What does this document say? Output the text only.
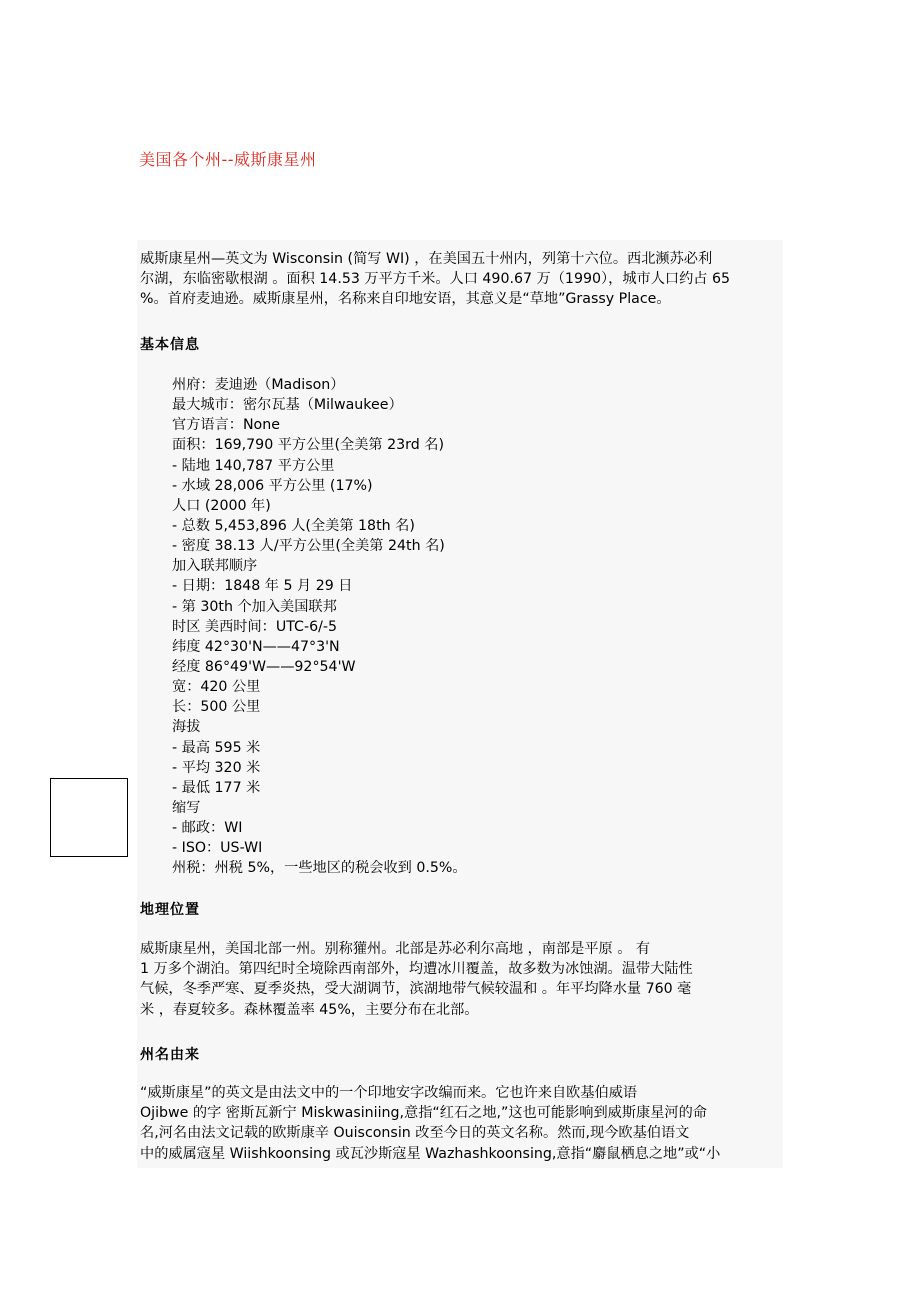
美国各个州--威斯康星州
威斯康星州—英文为 Wisconsin (简写 WI) ，在美国五十州内，列第十六位。西北濒苏必利
尔湖，东临密歇根湖 。面积 14.53 万平方千米。人口 490.67 万（1990），城市人口约占 65
%。首府麦迪逊。威斯康星州，名称来自印地安语，其意义是“草地”Grassy Place。
基本信息
州府：麦迪逊（Madison）
最大城市：密尔瓦基（Milwaukee）
官方语言：None
面积：169,790 平方公里(全美第 23rd 名)
- 陆地 140,787 平方公里
- 水域 28,006 平方公里 (17%)
人口 (2000 年)
- 总数 5,453,896 人(全美第 18th 名)
- 密度 38.13 人/平方公里(全美第 24th 名)
加入联邦顺序
- 日期：1848 年 5 月 29 日
- 第 30th 个加入美国联邦
时区 美西时间：UTC-6/-5
纬度 42°30'N——47°3'N
经度 86°49'W——92°54'W
宽：420 公里
长：500 公里
海拔
- 最高 595 米
- 平均 320 米
- 最低 177 米
缩写
- 邮政：WI
- ISO：US-WI
州税：州税 5%，一些地区的税会收到 0.5%。
地理位置
威斯康星州，美国北部一州。别称獾州。北部是苏必利尔高地 ，南部是平原 。 有
1 万多个湖泊。第四纪时全境除西南部外，均遭冰川覆盖，故多数为冰蚀湖。温带大陆性
气候，冬季严寒、夏季炎热，受大湖调节，滨湖地带气候较温和 。年平均降水量 760 毫
米 ，春夏较多。森林覆盖率 45%，主要分布在北部。
州名由来
“威斯康星”的英文是由法文中的一个印地安字改编而来。它也许来自欧基伯威语
Ojibwe 的字 密斯瓦新宁 Miskwasiniing,意指“红石之地,”这也可能影响到威斯康星河的命
名,河名由法文记载的欧斯康辛 Ouisconsin 改至今日的英文名称。然而,现今欧基伯语文
中的威属寇星 Wiishkoonsing 或瓦沙斯寇星 Wazhashkoonsing,意指“麝鼠栖息之地”或“小
